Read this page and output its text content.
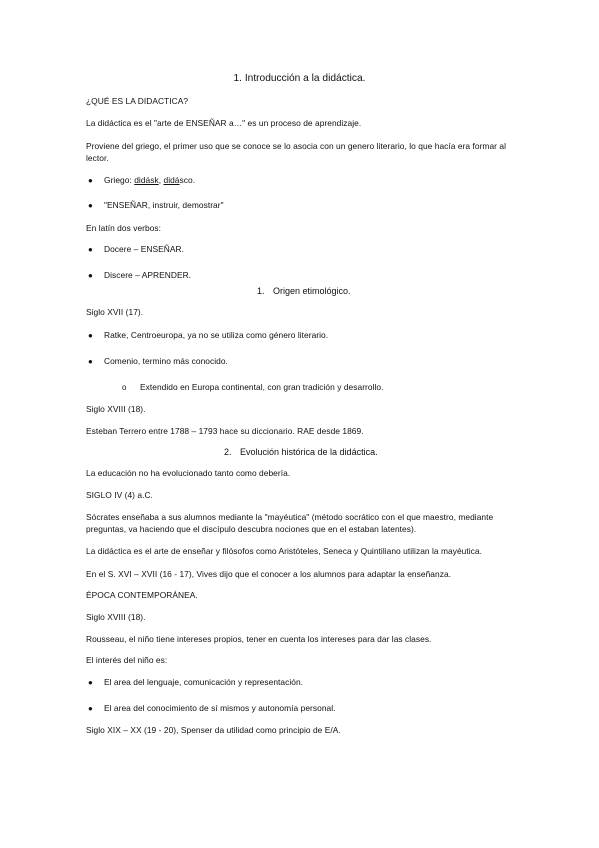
1. Introducción a la didáctica.
¿QUÉ ES LA DIDACTICA?
La didáctica es el "arte de ENSEÑAR a…" es un proceso de aprendizaje.
Proviene del griego, el primer uso que se conoce se lo asocia con un genero literario, lo que hacía era formar al lector.
● Griego: didásk, didásco.
● "ENSEÑAR, instruir, demostrar"
En latín dos verbos:
● Docere – ENSEÑAR.
● Discere – APRENDER.
1. Origen etimológico.
Siglo XVII (17).
● Ratke, Centroeuropa, ya no se utiliza como género literario.
● Comenio, termino más conocido.
o Extendido en Europa continental, con gran tradición y desarrollo.
Siglo XVIII (18).
Esteban Terrero entre 1788 – 1793 hace su diccionario. RAE desde 1869.
2. Evolución histórica de la didáctica.
La educación no ha evolucionado tanto como debería.
SIGLO IV (4) a.C.
Sócrates enseñaba a sus alumnos mediante la "mayéutica" (método socrático con el que maestro, mediante preguntas, va haciendo que el discípulo descubra nociones que en el estaban latentes).
La didáctica es el arte de enseñar y filósofos como Aristóteles, Seneca y Quintiliano utilizan la mayéutica.
En el S. XVI – XVII (16 - 17), Vives dijo que el conocer a los alumnos para adaptar la enseñanza.
ÉPOCA CONTEMPORÁNEA.
Siglo XVIII (18).
Rousseau, el niño tiene intereses propios, tener en cuenta los intereses para dar las clases.
El interés del niño es:
● El area del lenguaje, comunicación y representación.
● El area del conocimiento de sí mismos y autonomía personal.
Siglo XIX – XX (19 - 20), Spenser da utilidad como principio de E/A.
